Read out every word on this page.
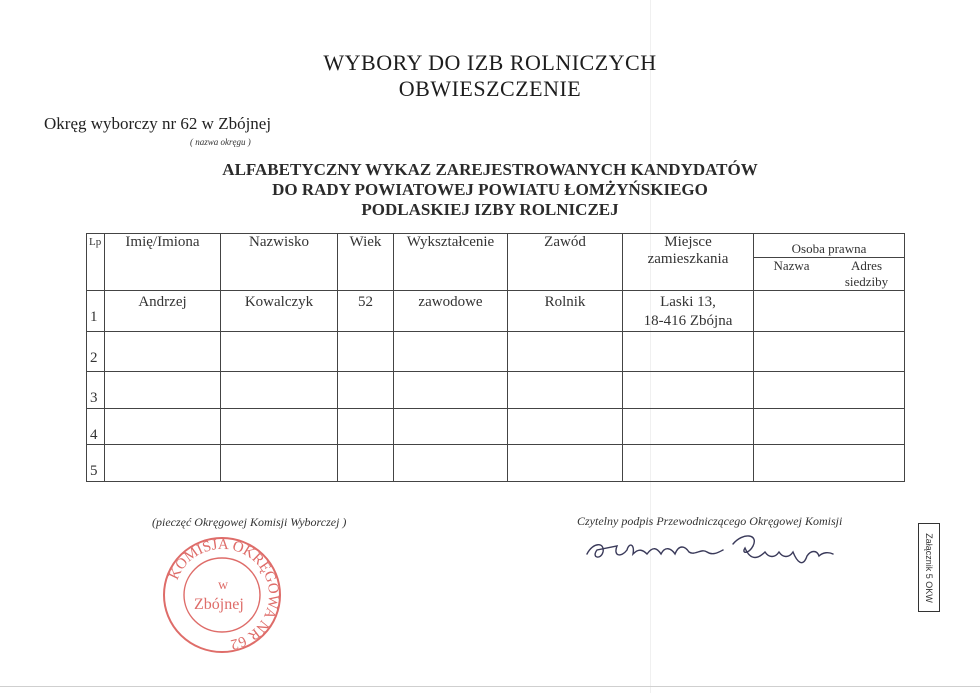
WYBORY DO IZB ROLNICZYCH
OBWIESZCZENIE
Okręg wyborczy nr 62 w Zbójnej
( nazwa okręgu )
ALFABETYCZNY WYKAZ ZAREJESTROWANYCH KANDYDATÓW
DO RADY POWIATOWEJ POWIATU ŁOMŻYŃSKIEGO
PODLASKIEJ IZBY ROLNICZEJ
Lp	Imię/Imiona	Nazwisko	Wiek	Wykształcenie	Zawód	Miejsce zamieszkania	Osoba prawna
Nazwa Adres siedziby

1	Andrzej	Kowalczyk	52	zawodowe	Rolnik	Laski 13,
18-416 Zbójna	

2						

3						

4						

5						

(pieczęć Okręgowej Komisji Wyborczej )	Czytelny podpis Przewodniczącego Okręgowej Komisji
KOMISJA OKRĘGOWA NR 62
w
Zbójnej
Zdzisław Pawłowski	Załącznik 5 OKW
